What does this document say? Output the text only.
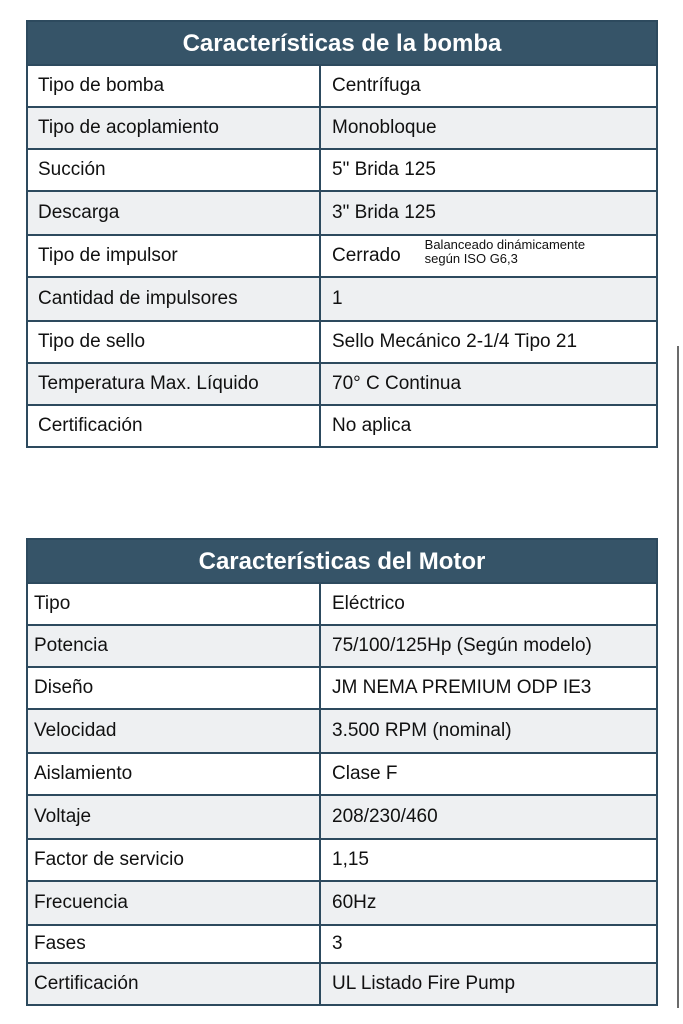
Características de la bomba
Tipo de bomba	Centrífuga
Tipo de acoplamiento	Monobloque
Succión	5" Brida 125
Descarga	3" Brida 125
Tipo de impulsor	Cerrado
Balanceado dinámicamente
según ISO G6,3
Cantidad de impulsores	1
Tipo de sello	Sello Mecánico 2-1/4 Tipo 21
Temperatura Max. Líquido	70° C Continua
Certificación	No aplica
Características del Motor
Tipo	Eléctrico
Potencia	75/100/125Hp (Según modelo)
Diseño	JM NEMA PREMIUM ODP IE3
Velocidad	3.500 RPM (nominal)
Aislamiento	Clase F
Voltaje	208/230/460
Factor de servicio	1,15
Frecuencia	60Hz
Fases	3
Certificación	UL Listado Fire Pump
